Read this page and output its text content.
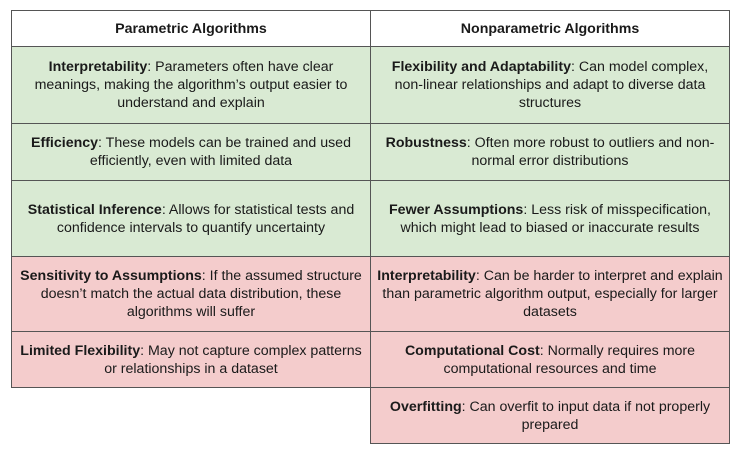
Parametric Algorithms	Nonparametric Algorithms
Interpretability: Parameters often have clear meanings, making the algorithm’s output easier to understand and explain
Efficiency: These models can be trained and used efficiently, even with limited data
Statistical Inference: Allows for statistical tests and confidence intervals to quantify uncertainty
Sensitivity to Assumptions: If the assumed structure doesn’t match the actual data distribution, these algorithms will suffer
Limited Flexibility: May not capture complex patterns or relationships in a dataset
Flexibility and Adaptability: Can model complex, non-linear relationships and adapt to diverse data structures
Robustness: Often more robust to outliers and non-normal error distributions
Fewer Assumptions: Less risk of misspecification, which might lead to biased or inaccurate results
Interpretability: Can be harder to interpret and explain than parametric algorithm output, especially for larger datasets
Computational Cost: Normally requires more computational resources and time
Overfitting: Can overfit to input data if not properly prepared
